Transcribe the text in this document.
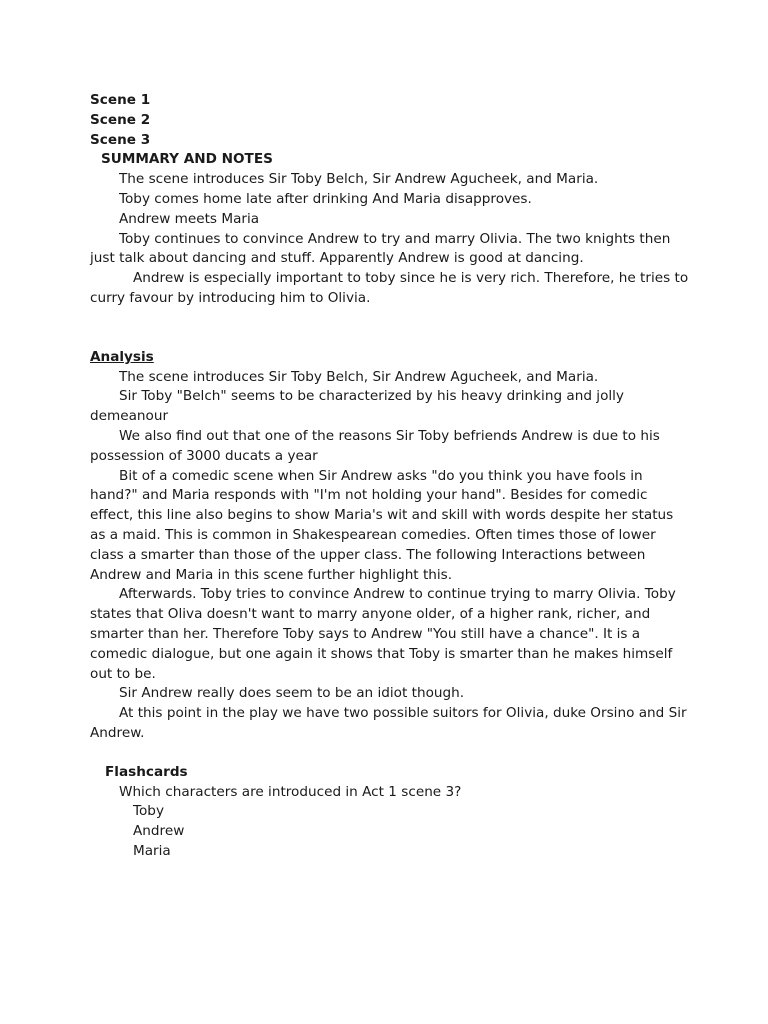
Scene 1
Scene 2
Scene 3
SUMMARY AND NOTES
The scene introduces Sir Toby Belch, Sir Andrew Agucheek, and Maria.
Toby comes home late after drinking And Maria disapproves.
Andrew meets Maria
Toby continues to convince Andrew to try and marry Olivia. The two knights then just talk about dancing and stuff. Apparently Andrew is good at dancing.
Andrew is especially important to toby since he is very rich. Therefore, he tries to curry favour by introducing him to Olivia.
Analysis
The scene introduces Sir Toby Belch, Sir Andrew Agucheek, and Maria.
Sir Toby "Belch" seems to be characterized by his heavy drinking and jolly demeanour
We also find out that one of the reasons Sir Toby befriends Andrew is due to his possession of 3000 ducats a year
Bit of a comedic scene when Sir Andrew asks "do you think you have fools in hand?" and Maria responds with "I'm not holding your hand". Besides for comedic effect, this line also begins to show Maria's wit and skill with words despite her status as a maid. This is common in Shakespearean comedies. Often times those of lower class a smarter than those of the upper class. The following Interactions between Andrew and Maria in this scene further highlight this.
Afterwards. Toby tries to convince Andrew to continue trying to marry Olivia. Toby states that Oliva doesn't want to marry anyone older, of a higher rank, richer, and smarter than her. Therefore Toby says to Andrew "You still have a chance". It is a comedic dialogue, but one again it shows that Toby is smarter than he makes himself out to be.
Sir Andrew really does seem to be an idiot though.
At this point in the play we have two possible suitors for Olivia, duke Orsino and Sir Andrew.
Flashcards
Which characters are introduced in Act 1 scene 3?
Toby
Andrew
Maria
